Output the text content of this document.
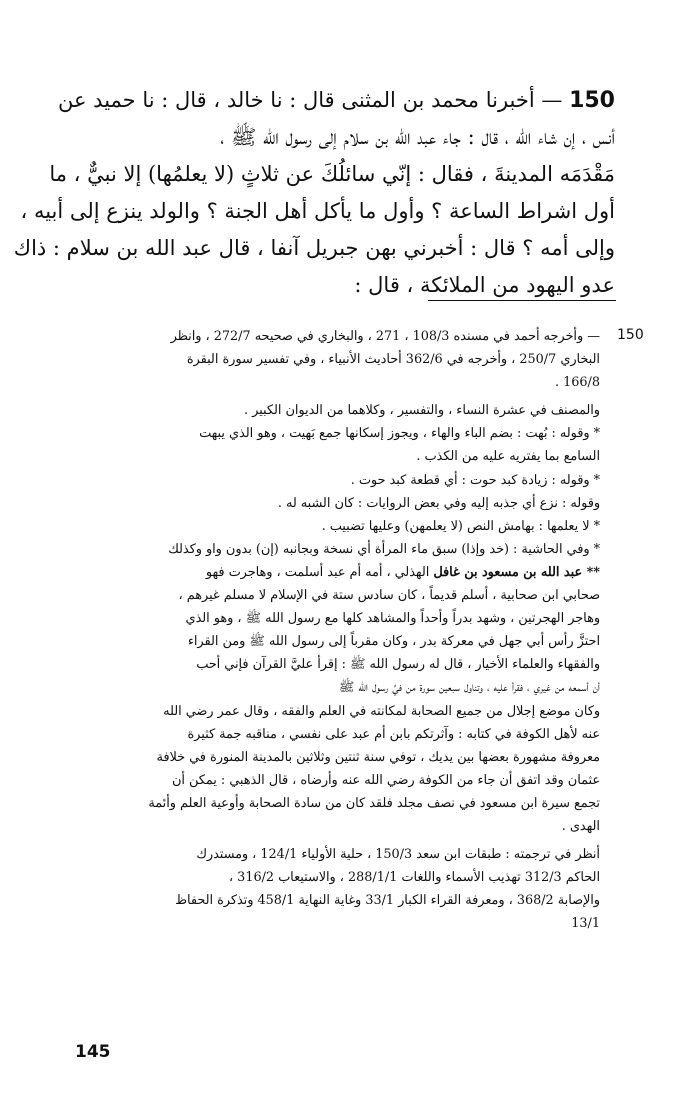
150 — أخبرنا محمد بن المثنى قال : نا خالد ، قال : نا حميد عن
أنس ، إن شاء الله ، قال : جاء عبد الله بن سلام إلى رسول الله ﷺ ،
مَقْدَمَه المدينةَ ، فقال : إنّي سائلُكَ عن ثلاثٍ (لا يعلمُها) إلا نبيٌّ ، ما
أول اشراط الساعة ؟ وأول ما يأكل أهل الجنة ؟ والولد ينزع إلى أبيه ،
وإلى أمه ؟ قال : أخبرني بهن جبريل آنفا ، قال عبد الله بن سلام : ذاك
عدو اليهود من الملائكة ، قال :
150
— وأخرجه أحمد في مسنده 108/3 ، 271 ، والبخاري في صحيحه 272/7 ، وانظر
البخاري 250/7 ، وأخرجه في 362/6 أحاديث الأنبياء ، وفي تفسير سورة البقرة
166/8 .
والمصنف في عشرة النساء ، والتفسير ، وكلاهما من الديوان الكبير .
* وقوله : بُهت : بضم الباء والهاء ، ويجوز إسكانها جمع بَهيت ، وهو الذي يبهت
السامع بما يفتريه عليه من الكذب .
* وقوله : زيادة كبد حوت : أي قطعة كبد حوت .
وقوله : نزع أي جذبه إليه وفي بعض الروايات : كان الشبه له .
* لا يعلمها : بهامش النص (لا يعلمهن) وعليها تضبيب .
* وفي الحاشية : (خد وإذا) سبق ماء المرأة أي نسخة وبجانبه (إن) بدون واو وكذلك
** عبد الله بن مسعود بن غافل الهذلي ، أمه أم عبد أسلمت ، وهاجرت فهو
صحابي ابن صحابية ، أسلم قديماً ، كان سادس ستة في الإسلام لا مسلم غيرهم ،
وهاجر الهجرتين ، وشهد بدراً وأحداً والمشاهد كلها مع رسول الله ﷺ ، وهو الذي
احتزَّ رأس أبي جهل في معركة بدر ، وكان مقرباً إلى رسول الله ﷺ ومن القراء
والفقهاء والعلماء الأخيار ، قال له رسول الله ﷺ : إقرأ عليَّ القرآن فإني أحب
أن أسمعه من غيري ، فقرأ عليه ، وتناول سبعين سورة من فيِّ رسول الله ﷺ
وكان موضع إجلال من جميع الصحابة لمكانته في العلم والفقه ، وقال عمر رضي الله
عنه لأهل الكوفة في كتابه : وآثرتكم بابن أم عبد على نفسي ، مناقبه جمة كثيرة
معروفة مشهورة بعضها بين يديك ، توفي سنة ثنتين وثلاثين بالمدينة المنورة في خلافة
عثمان وقد اتفق أن جاء من الكوفة رضي الله عنه وأرضاه ، قال الذهبي : يمكن أن
تجمع سيرة ابن مسعود في نصف مجلد فلقد كان من سادة الصحابة وأوعية العلم وأئمة
الهدى .
أنظر في ترجمته : طبقات ابن سعد 150/3 ، حلية الأولياء 124/1 ، ومستدرك
الحاكم 312/3 تهذيب الأسماء واللغات 288/1/1 ، والاستيعاب 316/2 ،
والإصابة 368/2 ، ومعرفة القراء الكبار 33/1 وغاية النهاية 458/1 وتذكرة الحفاظ
13/1
145
